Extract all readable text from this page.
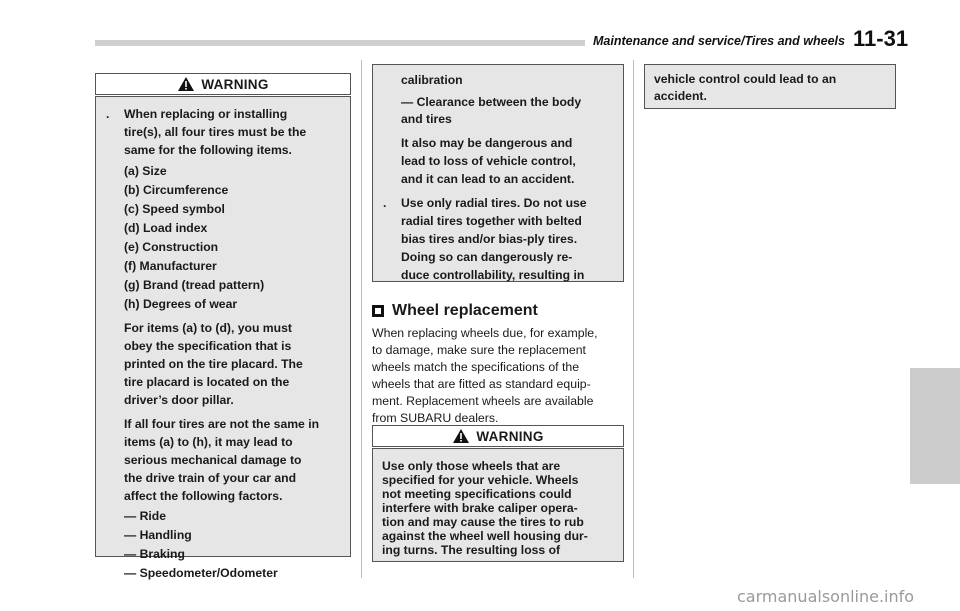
Maintenance and service/Tires and wheels 11-31
WARNING
. When replacing or installing
tire(s), all four tires must be the
same for the following items.
(a) Size
(b) Circumference
(c) Speed symbol
(d) Load index
(e) Construction
(f) Manufacturer
(g) Brand (tread pattern)
(h) Degrees of wear
For items (a) to (d), you must
obey the specification that is
printed on the tire placard. The
tire placard is located on the
driver’s door pillar.
If all four tires are not the same in
items (a) to (h), it may lead to
serious mechanical damage to
the drive train of your car and
affect the following factors.
— Ride
— Handling
— Braking
— Speedometer/Odometer
calibration
— Clearance between the body
and tires
It also may be dangerous and
lead to loss of vehicle control,
and it can lead to an accident.
. Use only radial tires. Do not use
radial tires together with belted
bias tires and/or bias-ply tires.
Doing so can dangerously re-
duce controllability, resulting in
Wheel replacement
When replacing wheels due, for example,
to damage, make sure the replacement
wheels match the specifications of the
wheels that are fitted as standard equip-
ment. Replacement wheels are available
from SUBARU dealers.
WARNING
Use only those wheels that are
specified for your vehicle. Wheels
not meeting specifications could
interfere with brake caliper opera-
tion and may cause the tires to rub
against the wheel well housing dur-
ing turns. The resulting loss of
vehicle control could lead to an
accident.
carmanualsonline.info
